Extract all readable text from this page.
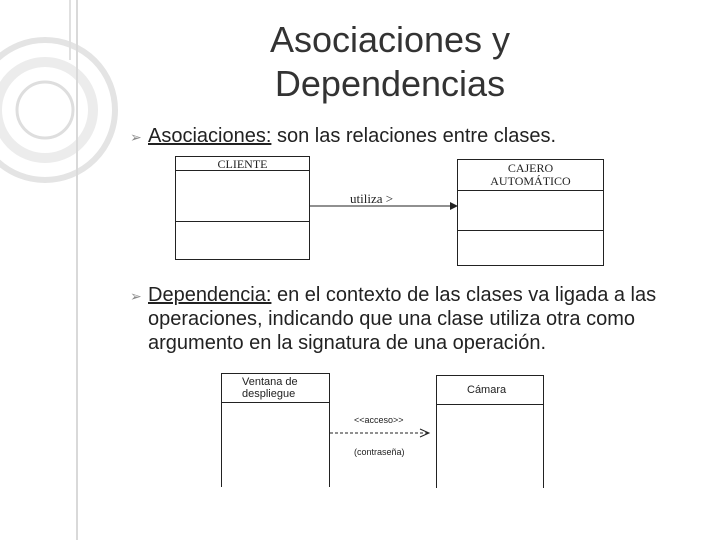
Asociaciones y
Dependencias
➢ Asociaciones: son las relaciones entre clases.
CLIENTE	CAJERO
AUTOMÁTICO
utiliza >
➢ Dependencia: en el contexto de las clases va ligada a las operaciones, indicando que una clase utiliza otra como argumento en la signatura de una operación.
Ventana de
despliegue	Cámara
<<acceso>>
(contraseña)
